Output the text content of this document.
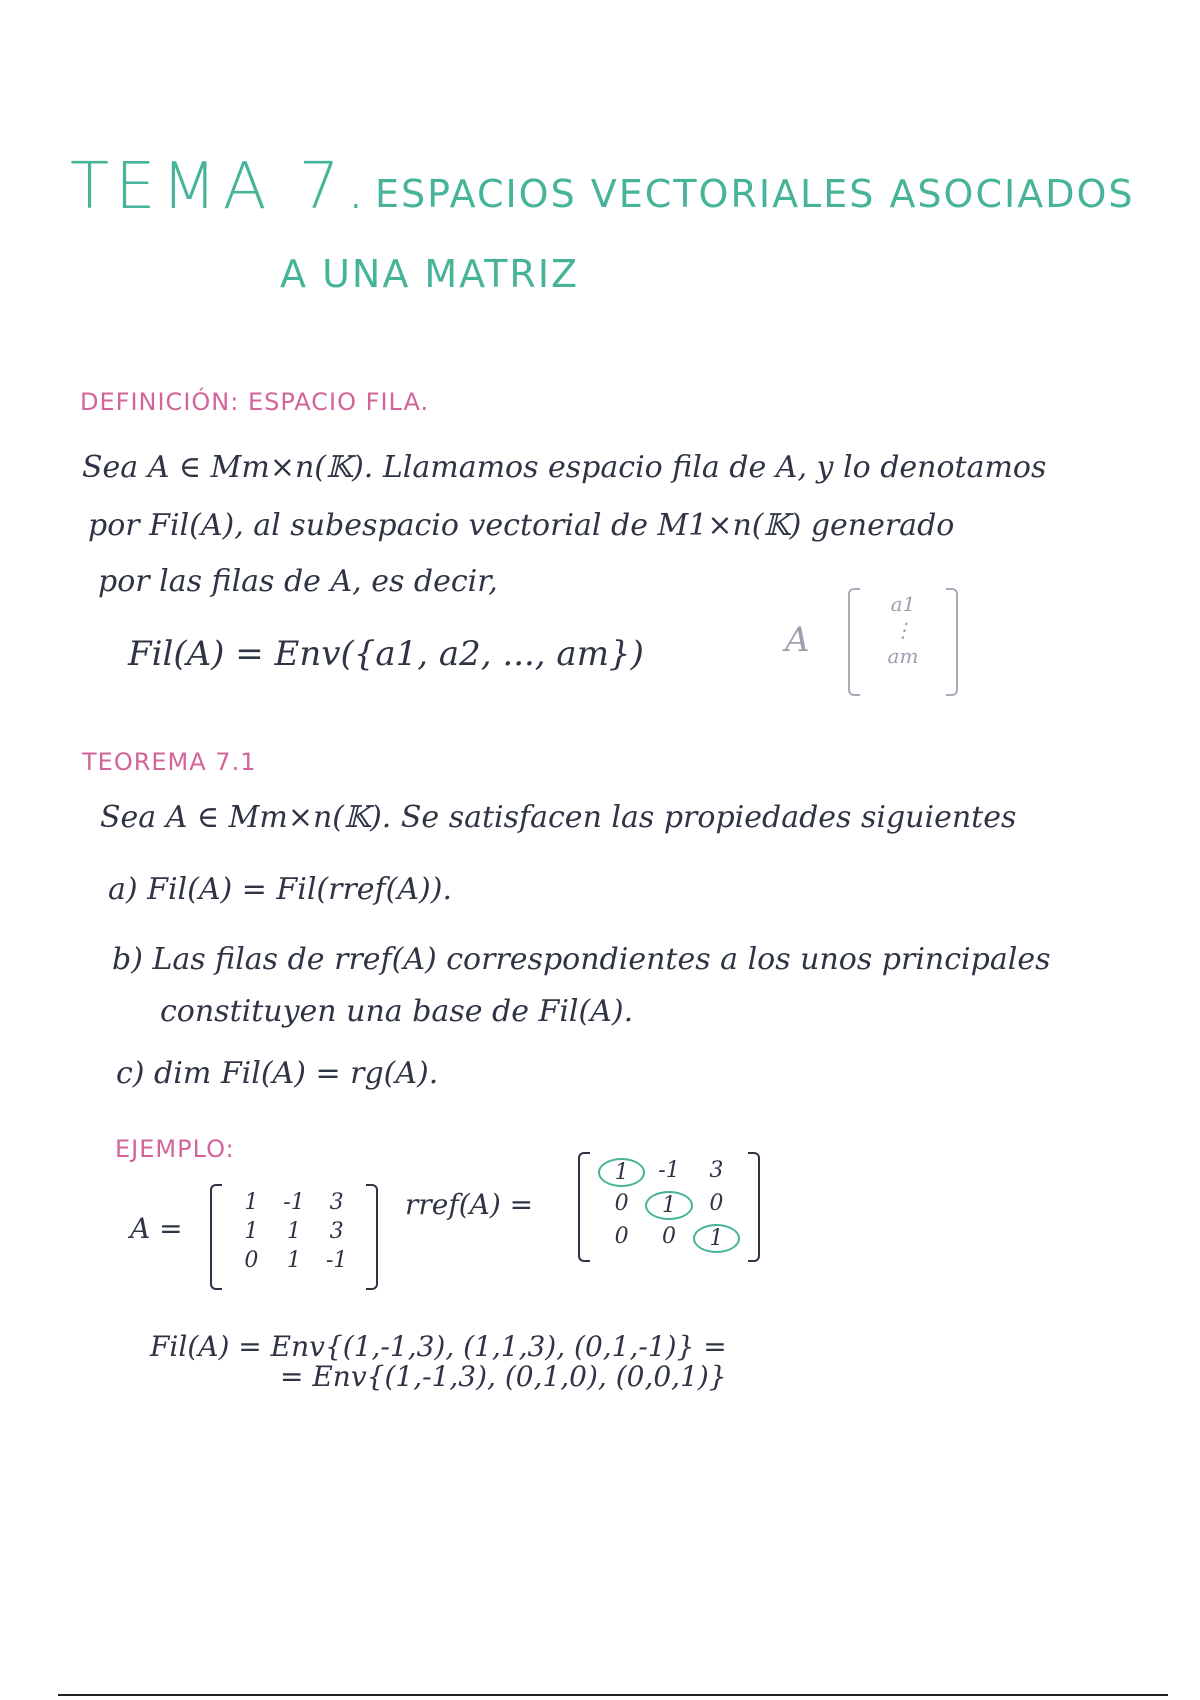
TEMA 7. ESPACIOS VECTORIALES ASOCIADOS
A UNA MATRIZ
DEFINICIÓN: ESPACIO FILA.
Sea A ∈ Mm×n(𝕂). Llamamos espacio fila de A, y lo denotamos
por Fil(A), al subespacio vectorial de M1×n(𝕂) generado
por las filas de A, es decir,
Fil(A) = Env({a1, a2, ..., am})	A
a1
⋮
am
TEOREMA 7.1
Sea A ∈ Mm×n(𝕂). Se satisfacen las propiedades siguientes
a) Fil(A) = Fil(rref(A)).
b) Las filas de rref(A) correspondientes a los unos principales
constituyen una base de Fil(A).
c) dim Fil(A) = rg(A).
EJEMPLO:
A =
1	-1	3
1	1	3
0	1	-1
rref(A) =
1	-1	3
0	1	0
0	0	1
Fil(A) = Env{(1,-1,3), (1,1,3), (0,1,-1)} =
= Env{(1,-1,3), (0,1,0), (0,0,1)}
